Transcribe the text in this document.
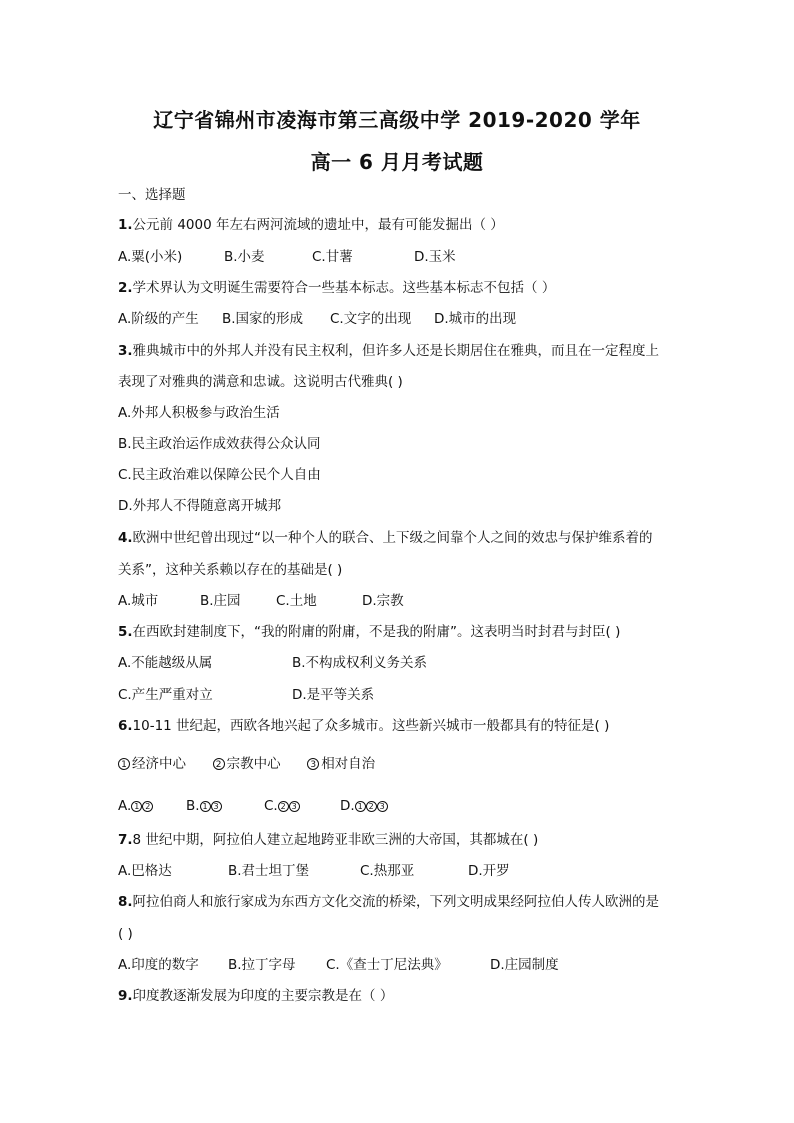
辽宁省锦州市凌海市第三高级中学 2019-2020 学年
高一 6 月月考试题
一、选择题
1.公元前 4000 年左右两河流域的遗址中，最有可能发掘出（ ）
A.粟(小米)	B.小麦	C.甘薯	D.玉米
2.学术界认为文明诞生需要符合一些基本标志。这些基本标志不包括（ ）
A.阶级的产生 B.国家的形成 C.文字的出现 D.城市的出现
3.雅典城市中的外邦人并没有民主权利，但许多人还是长期居住在雅典，而且在一定程度上
表现了对雅典的满意和忠诚。这说明古代雅典( )
A.外邦人积极参与政治生活
B.民主政治运作成效获得公众认同
C.民主政治难以保障公民个人自由
D.外邦人不得随意离开城邦
4.欧洲中世纪曾出现过“以一种个人的联合、上下级之间靠个人之间的效忠与保护维系着的
关系”，这种关系赖以存在的基础是( )
A.城市	B.庄园	C.土地	D.宗教
5.在西欧封建制度下，“我的附庸的附庸，不是我的附庸”。这表明当时封君与封臣( )
A.不能越级从属	B.不构成权利义务关系
C.产生严重对立	D.是平等关系
6.10-11 世纪起，西欧各地兴起了众多城市。这些新兴城市一般都具有的特征是( )
1 经济中心	2 宗教中心	3 相对自治
A. 1 2	B. 1 3	C. 2 3	D. 1 2 3
7.8 世纪中期，阿拉伯人建立起地跨亚非欧三洲的大帝国，其都城在( )
A.巴格达	B.君士坦丁堡	C.热那亚	D.开罗
8.阿拉伯商人和旅行家成为东西方文化交流的桥梁，下列文明成果经阿拉伯人传人欧洲的是
( )
A.印度的数字 B.拉丁字母 C.《查士丁尼法典》	D.庄园制度
9.印度教逐渐发展为印度的主要宗教是在（ ）
